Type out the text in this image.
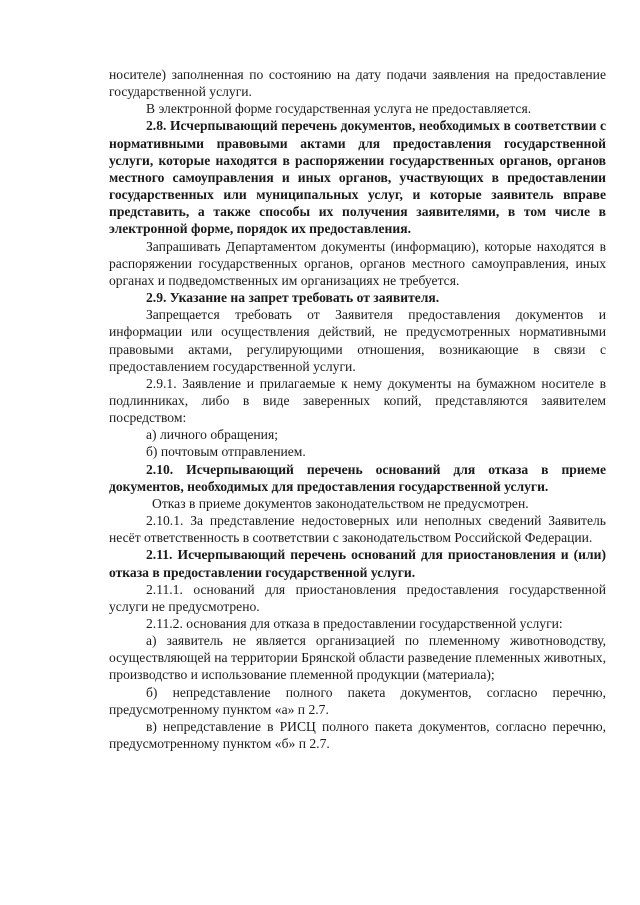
носителе) заполненная по состоянию на дату подачи заявления на предоставление государственной услуги.

В электронной форме государственная услуга не предоставляется.

2.8. Исчерпывающий перечень документов, необходимых в соответствии с нормативными правовыми актами для предоставления государственной услуги, которые находятся в распоряжении государственных органов, органов местного самоуправления и иных органов, участвующих в предоставлении государственных или муниципальных услуг, и которые заявитель вправе представить, а также способы их получения заявителями, в том числе в электронной форме, порядок их предоставления.

Запрашивать Департаментом документы (информацию), которые находятся в распоряжении государственных органов, органов местного самоуправления, иных органах и подведомственных им организациях не требуется.

2.9. Указание на запрет требовать от заявителя.

Запрещается требовать от Заявителя предоставления документов и информации или осуществления действий, не предусмотренных нормативными правовыми актами, регулирующими отношения, возникающие в связи с предоставлением государственной услуги.

2.9.1. Заявление и прилагаемые к нему документы на бумажном носителе в подлинниках, либо в виде заверенных копий, представляются заявителем посредством:

а) личного обращения;

б) почтовым отправлением.

2.10. Исчерпывающий перечень оснований для отказа в приеме документов, необходимых для предоставления государственной услуги.

Отказ в приеме документов законодательством не предусмотрен.

2.10.1. За представление недостоверных или неполных сведений Заявитель несёт ответственность в соответствии с законодательством Российской Федерации.

2.11. Исчерпывающий перечень оснований для приостановления и (или) отказа в предоставлении государственной услуги.

2.11.1. оснований для приостановления предоставления государственной услуги не предусмотрено.

2.11.2. основания для отказа в предоставлении государственной услуги:

а) заявитель не является организацией по племенному животноводству, осуществляющей на территории Брянской области разведение племенных животных, производство и использование племенной продукции (материала);

б) непредставление полного пакета документов, согласно перечню, предусмотренному пунктом «а» п 2.7.

в) непредставление в РИСЦ полного пакета документов, согласно перечню, предусмотренному пунктом «б» п 2.7.
